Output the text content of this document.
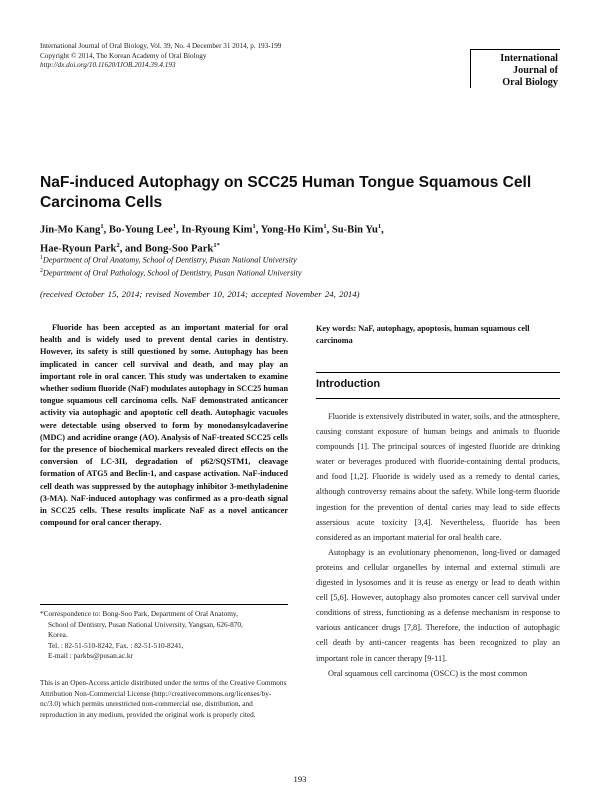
International Journal of Oral Biology, Vol. 39, No. 4 December 31 2014, p. 193-199
Copyright © 2014, The Korean Academy of Oral Biology
http://dx.doi.org/10.11620/IJOB.2014.39.4.193
International
Journal of
Oral Biology
NaF-induced Autophagy on SCC25 Human Tongue Squamous Cell
Carcinoma Cells
Jin-Mo Kang$^1$, Bo-Young Lee$^1$, In-Ryoung Kim$^1$, Yong-Ho Kim$^1$, Su-Bin Yu$^1$,
Hae-Ryoun Park$^2$, and Bong-Soo Park$^{1*}$
$^1$Department of Oral Anatomy, School of Dentistry, Pusan National University
$^2$Department of Oral Pathology, School of Dentistry, Pusan National University
(received October 15, 2014; revised November 10, 2014; accepted November 24, 2014)
Fluoride has been accepted as an important material for oral health and is widely used to prevent dental caries in dentistry. However, its safety is still questioned by some. Autophagy has been implicated in cancer cell survival and death, and may play an important role in oral cancer. This study was undertaken to examine whether sodium fluoride (NaF) modulates autophagy in SCC25 human tongue squamous cell carcinoma cells. NaF demonstrated anticancer activity via autophagic and apoptotic cell death. Autophagic vacuoles were detectable using observed to form by monodansylcadaverine (MDC) and acridine orange (AO). Analysis of NaF-treated SCC25 cells for the presence of biochemical markers revealed direct effects on the conversion of LC-3II, degradation of p62/SQSTM1, cleavage formation of ATG5 and Beclin-1, and caspase activation. NaF-induced cell death was suppressed by the autophagy inhibitor 3-methyladenine (3-MA). NaF-induced autophagy was confirmed as a pro-death signal in SCC25 cells. These results implicate NaF as a novel anticancer compound for oral cancer therapy.
Key words: NaF, autophagy, apoptosis, human squamous cell carcinoma
Introduction

Fluoride is extensively distributed in water, soils, and the atmosphere, causing constant exposure of human beings and animals to fluoride compounds [1]. The principal sources of ingested fluoride are drinking water or beverages produced with fluoride-containing dental products, and food [1,2]. Fluoride is widely used as a remedy to dental caries, although controversy remains about the safety. While long-term fluoride ingestion for the prevention of dental caries may lead to side effects assersious acute toxicity [3,4]. Nevertheless, fluoride has been considered as an important material for oral health care.

Autophagy is an evolutionary phenomenon, long-lived or damaged proteins and cellular organelles by internal and external stimuli are digested in lysosomes and it is reuse as energy or lead to death within cell [5,6]. However, autophagy also promotes cancer cell survival under conditions of stress, functioning as a defense mechanism in response to various anticancer drugs [7,8]. Therefore, the induction of autophagic cell death by anti-cancer reagents has been recognized to play an important role in cancer therapy [9-11].

Oral squamous cell carcinoma (OSCC) is the most common

*Correspondence to: Bong-Soo Park, Department of Oral Anatomy,

School of Dentistry, Pusan National University, Yangsan, 626-870,

Korea.

Tel. : 82-51-510-8242, Fax. : 82-51-510-8241,

E-mail : parkbs@pusan.ac.kr

This is an Open-Access article distributed under the terms of the Creative Commons Attribution Non-Commercial License (http://creativecommons.org/licenses/by-nc/3.0) which permits unrestricted non-commercial use, distribution, and reproduction in any medium, provided the original work is properly cited.
193
